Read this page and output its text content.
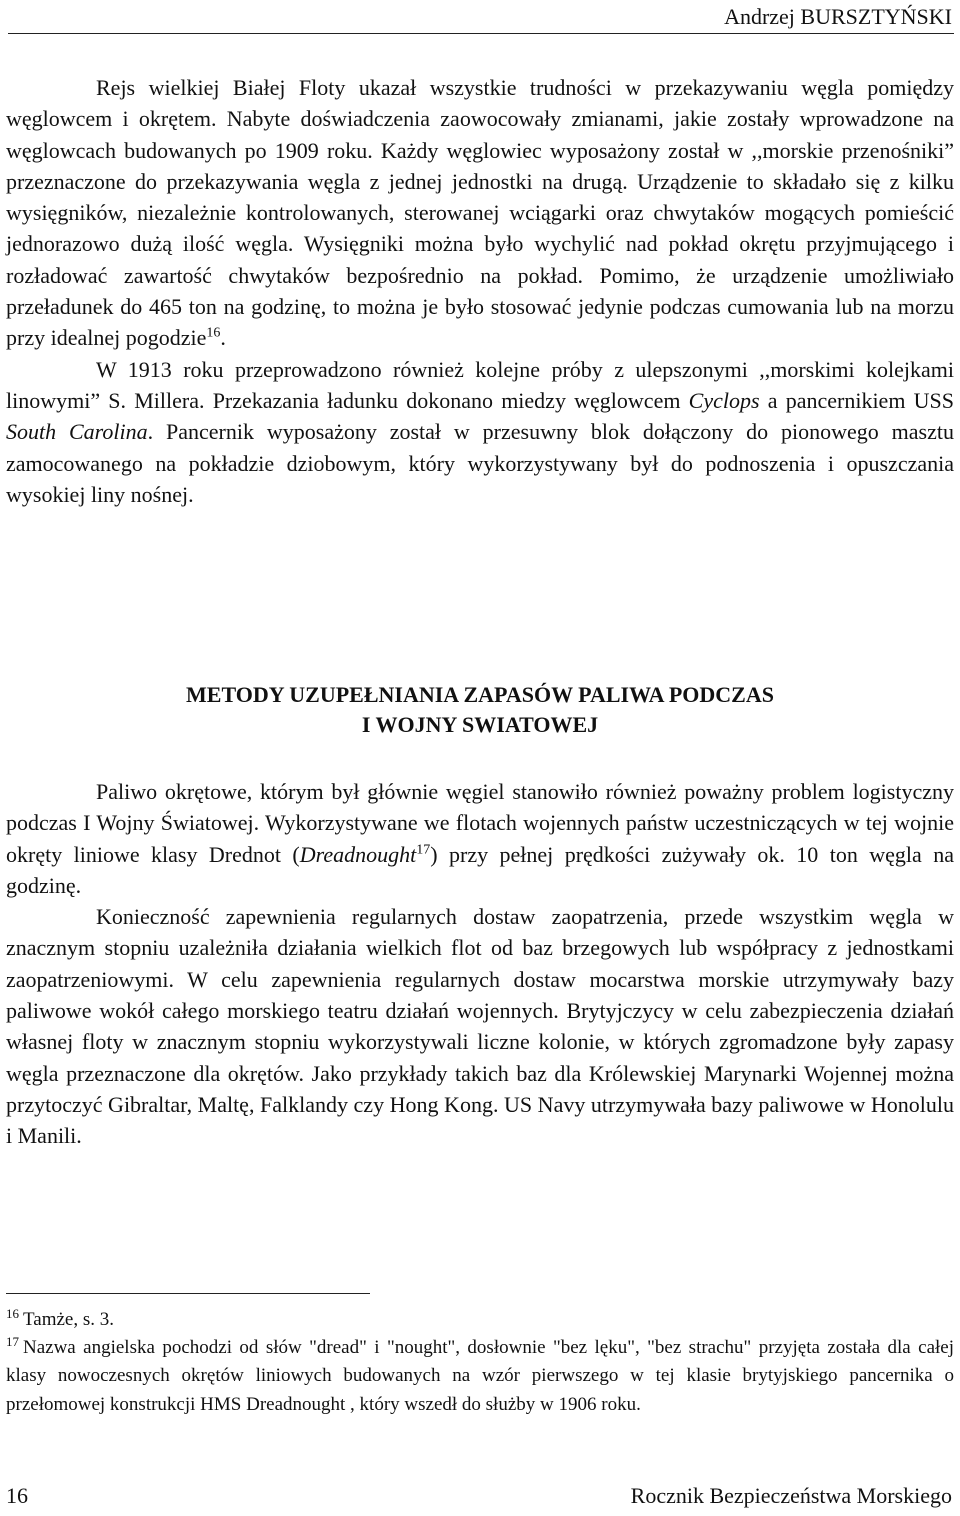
Andrzej BURSZTYŃSKI

Rejs wielkiej Białej Floty ukazał wszystkie trudności w przekazywaniu węgla pomiędzy węglowcem i okrętem. Nabyte doświadczenia zaowocowały zmianami, jakie zostały wprowadzone na węglowcach budowanych po 1909 roku. Każdy węglowiec wyposażony został w ,,morskie przenośniki” przeznaczone do przekazywania węgla z jednej jednostki na drugą. Urządzenie to składało się z kilku wysięgników, niezależnie kontrolowanych, sterowanej wciągarki oraz chwytaków mogących pomieścić jednorazowo dużą ilość węgla. Wysięgniki można było wychylić nad pokład okrętu przyjmującego i rozładować zawartość chwytaków bezpośrednio na pokład. Pomimo, że urządzenie umożliwiało przeładunek do 465 ton na godzinę, to można je było stosować jedynie podczas cumowania lub na morzu przy idealnej pogodzie$^{16}$.

W 1913 roku przeprowadzono również kolejne próby z ulepszonymi ,,morskimi kolejkami linowymi” S. Millera. Przekazania ładunku dokonano miedzy węglowcem Cyclops a pancernikiem USS South Carolina. Pancernik wyposażony został w przesuwny blok dołączony do pionowego masztu zamocowanego na pokładzie dziobowym, który wykorzystywany był do podnoszenia i opuszczania wysokiej liny nośnej.

METODY UZUPEŁNIANIA ZAPASÓW PALIWA PODCZAS
I WOJNY SWIATOWEJ

Paliwo okrętowe, którym był głównie węgiel stanowiło również poważny problem logistyczny podczas I Wojny Światowej. Wykorzystywane we flotach wojennych państw uczestniczących w tej wojnie okręty liniowe klasy Drednot (Dreadnought$^{17}$) przy pełnej prędkości zużywały ok. 10 ton węgla na godzinę.

Konieczność zapewnienia regularnych dostaw zaopatrzenia, przede wszystkim węgla w znacznym stopniu uzależniła działania wielkich flot od baz brzegowych lub współpracy z jednostkami zaopatrzeniowymi. W celu zapewnienia regularnych dostaw mocarstwa morskie utrzymywały bazy paliwowe wokół całego morskiego teatru działań wojennych. Brytyjczycy w celu zabezpieczenia działań własnej floty w znacznym stopniu wykorzystywali liczne kolonie, w których zgromadzone były zapasy węgla przeznaczone dla okrętów. Jako przykłady takich baz dla Królewskiej Marynarki Wojennej można przytoczyć Gibraltar, Maltę, Falklandy czy Hong Kong. US Navy utrzymywała bazy paliwowe w Honolulu i Manili.

$^{16}$ Tamże, s. 3.

$^{17}$ Nazwa angielska pochodzi od słów "dread" i "nought", dosłownie "bez lęku", "bez strachu" przyjęta została dla całej klasy nowoczesnych okrętów liniowych budowanych na wzór pierwszego w tej klasie brytyjskiego pancernika o przełomowej konstrukcji HMS Dreadnought , który wszedł do służby w 1906 roku.

16	Rocznik Bezpieczeństwa Morskiego
